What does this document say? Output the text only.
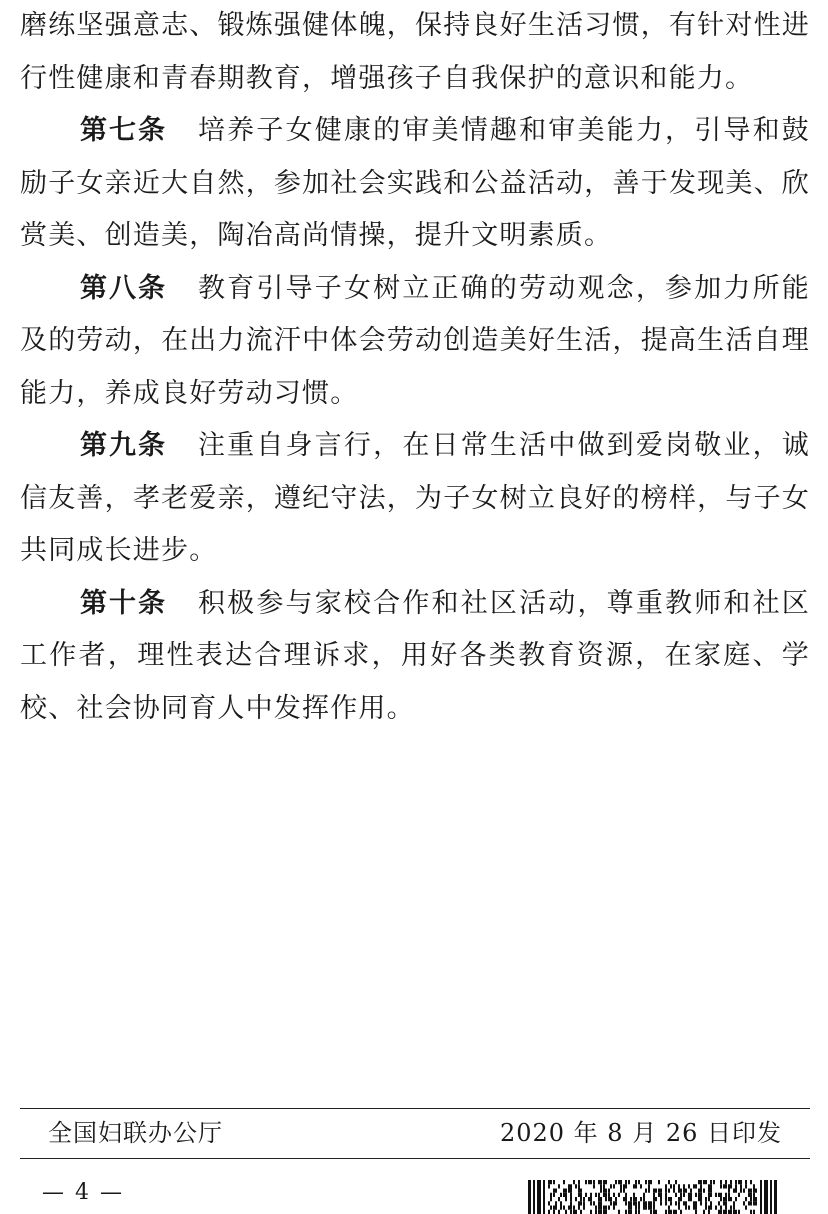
磨练坚强意志、锻炼强健体魄，保持良好生活习惯，有针对性进行性健康和青春期教育，增强孩子自我保护的意识和能力。

第七条 培养子女健康的审美情趣和审美能力，引导和鼓励子女亲近大自然，参加社会实践和公益活动，善于发现美、欣赏美、创造美，陶冶高尚情操，提升文明素质。

第八条 教育引导子女树立正确的劳动观念，参加力所能及的劳动，在出力流汗中体会劳动创造美好生活，提高生活自理能力，养成良好劳动习惯。

第九条 注重自身言行，在日常生活中做到爱岗敬业，诚信友善，孝老爱亲，遵纪守法，为子女树立良好的榜样，与子女共同成长进步。

第十条 积极参与家校合作和社区活动，尊重教师和社区工作者，理性表达合理诉求，用好各类教育资源，在家庭、学校、社会协同育人中发挥作用。

全国妇联办公厅	2020 年 8 月 26 日印发
— 4 —
